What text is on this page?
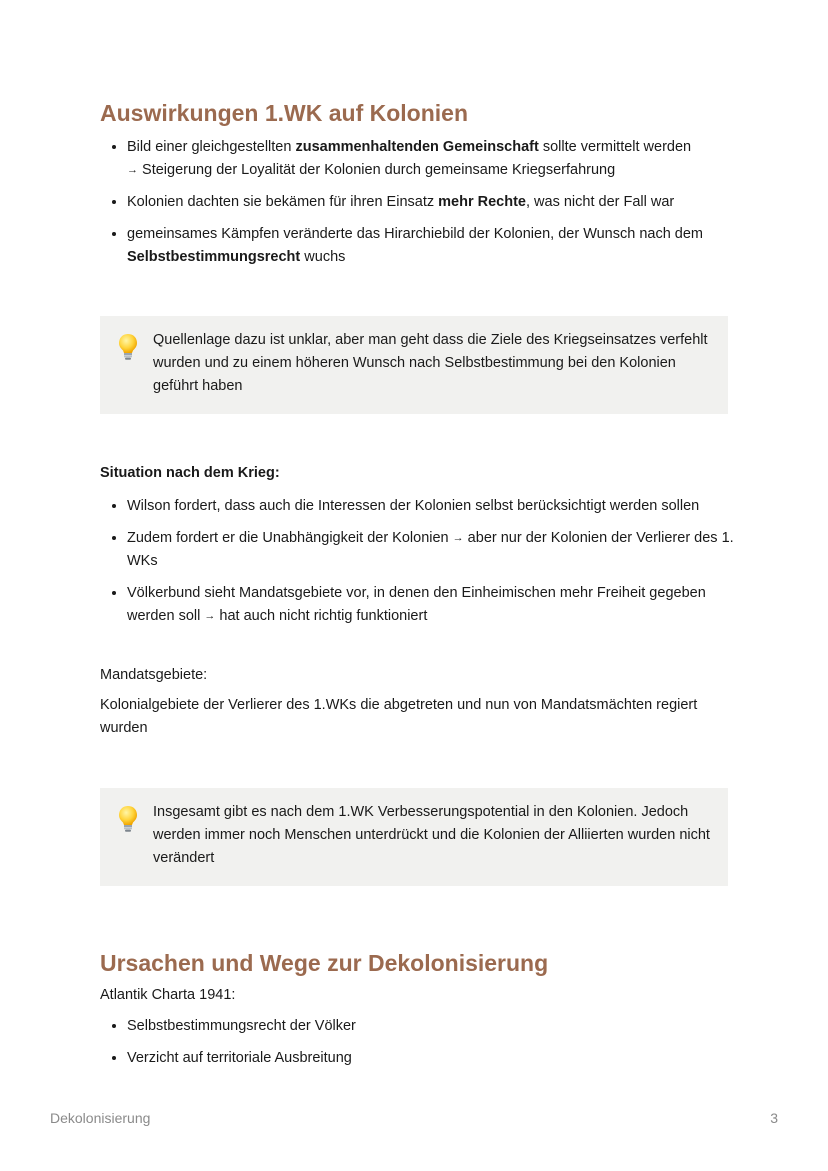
Auswirkungen 1.WK auf Kolonien
• Bild einer gleichgestellten zusammenhaltenden Gemeinschaft sollte vermittelt werden
→ Steigerung der Loyalität der Kolonien durch gemeinsame Kriegserfahrung
• Kolonien dachten sie bekämen für ihren Einsatz mehr Rechte, was nicht der Fall war
• gemeinsames Kämpfen veränderte das Hirarchiebild der Kolonien, der Wunsch nach dem Selbstbestimmungsrecht wuchs
Quellenlage dazu ist unklar, aber man geht dass die Ziele des Kriegseinsatzes verfehlt wurden und zu einem höheren Wunsch nach Selbstbestimmung bei den Kolonien geführt haben

Situation nach dem Krieg:

• Wilson fordert, dass auch die Interessen der Kolonien selbst berücksichtigt werden sollen
• Zudem fordert er die Unabhängigkeit der Kolonien → aber nur der Kolonien der Verlierer des 1. WKs
• Völkerbund sieht Mandatsgebiete vor, in denen den Einheimischen mehr Freiheit gegeben werden soll → hat auch nicht richtig funktioniert

Mandatsgebiete:

Kolonialgebiete der Verlierer des 1.WKs die abgetreten und nun von Mandatsmächten regiert wurden

Insgesamt gibt es nach dem 1.WK Verbesserungspotential in den Kolonien. Jedoch werden immer noch Menschen unterdrückt und die Kolonien der Alliierten wurden nicht verändert
Ursachen und Wege zur Dekolonisierung

Atlantik Charta 1941:

• Selbstbestimmungsrecht der Völker
• Verzicht auf territoriale Ausbreitung
Dekolonisierung	3
